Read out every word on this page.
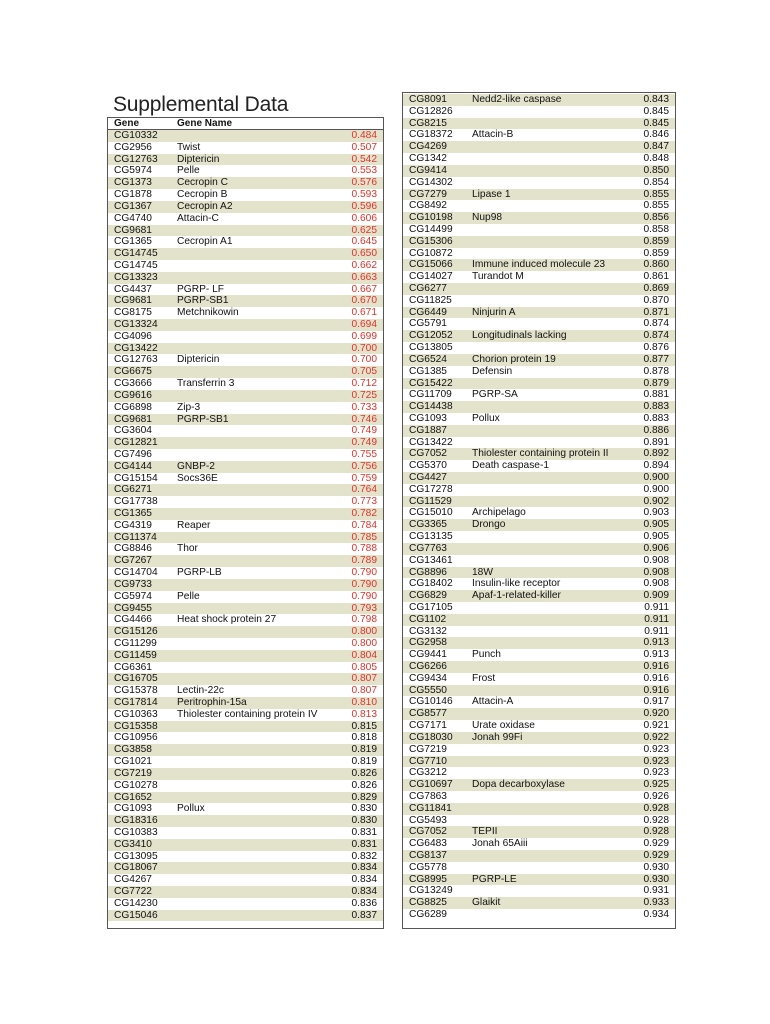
Supplemental Data
Gene	Gene Name
CG10332	0.484
CG2956 Twist	0.507
CG12763 Diptericin	0.542
CG5974 Pelle	0.553
CG1373 Cecropin C	0.576
CG1878 Cecropin B	0.593
CG1367 Cecropin A2	0.596
CG4740 Attacin-C	0.606
CG9681	0.625
CG1365 Cecropin A1	0.645
CG14745	0.650
CG14745	0.662
CG13323	0.663
CG4437 PGRP- LF	0.667
CG9681 PGRP-SB1	0.670
CG8175 Metchnikowin	0.671
CG13324	0.694
CG4096	0.699
CG13422	0.700
CG12763 Diptericin	0.700
CG6675	0.705
CG3666 Transferrin 3	0.712
CG9616	0.725
CG6898 Zip-3	0.733
CG9681 PGRP-SB1	0.746
CG3604	0.749
CG12821	0.749
CG7496	0.755
CG4144 GNBP-2	0.756
CG15154 Socs36E	0.759
CG6271	0.764
CG17738	0.773
CG1365	0.782
CG4319 Reaper	0.784
CG11374	0.785
CG8846 Thor	0.788
CG7267	0.789
CG14704 PGRP-LB	0.790
CG9733	0.790
CG5974 Pelle	0.790
CG9455	0.793
CG4466 Heat shock protein 27	0.798
CG15126	0.800
CG11299	0.800
CG11459	0.804
CG6361	0.805
CG16705	0.807
CG15378 Lectin-22c	0.807
CG17814 Peritrophin-15a	0.810
CG10363 Thiolester containing protein IV	0.813
CG15358	0.815
CG10956	0.818
CG3858	0.819
CG1021	0.819
CG7219	0.826
CG10278	0.826
CG1652	0.829
CG1093 Pollux	0.830
CG18316	0.830
CG10383	0.831
CG3410	0.831
CG13095	0.832
CG18067	0.834
CG4267	0.834
CG7722	0.834
CG14230	0.836
CG15046	0.837
CG8091 Nedd2-like caspase	0.843
CG12826	0.845
CG8215	0.845
CG18372 Attacin-B	0.846
CG4269	0.847
CG1342	0.848
CG9414	0.850
CG14302	0.854
CG7279 Lipase 1	0.855
CG8492	0.855
CG10198 Nup98	0.856
CG14499	0.858
CG15306	0.859
CG10872	0.859
CG15066 Immune induced molecule 23	0.860
CG14027 Turandot M	0.861
CG6277	0.869
CG11825	0.870
CG6449 Ninjurin A	0.871
CG5791	0.874
CG12052 Longitudinals lacking	0.874
CG13805	0.876
CG6524 Chorion protein 19	0.877
CG1385 Defensin	0.878
CG15422	0.879
CG11709 PGRP-SA	0.881
CG14438	0.883
CG1093 Pollux	0.883
CG1887	0.886
CG13422	0.891
CG7052 Thiolester containing protein II	0.892
CG5370 Death caspase-1	0.894
CG4427	0.900
CG17278	0.900
CG11529	0.902
CG15010 Archipelago	0.903
CG3365 Drongo	0.905
CG13135	0.905
CG7763	0.906
CG13461	0.908
CG8896 18W	0.908
CG18402 Insulin-like receptor	0.908
CG6829 Apaf-1-related-killer	0.909
CG17105	0.911
CG1102	0.911
CG3132	0.911
CG2958	0.913
CG9441 Punch	0.913
CG6266	0.916
CG9434 Frost	0.916
CG5550	0.916
CG10146 Attacin-A	0.917
CG8577	0.920
CG7171 Urate oxidase	0.921
CG18030 Jonah 99Fi	0.922
CG7219	0.923
CG7710	0.923
CG3212	0.923
CG10697 Dopa decarboxylase	0.925
CG7863	0.926
CG11841	0.928
CG5493	0.928
CG7052 TEPII	0.928
CG6483 Jonah 65Aiii	0.929
CG8137	0.929
CG5778	0.930
CG8995 PGRP-LE	0.930
CG13249	0.931
CG8825 Glaikit	0.933
CG6289	0.934
